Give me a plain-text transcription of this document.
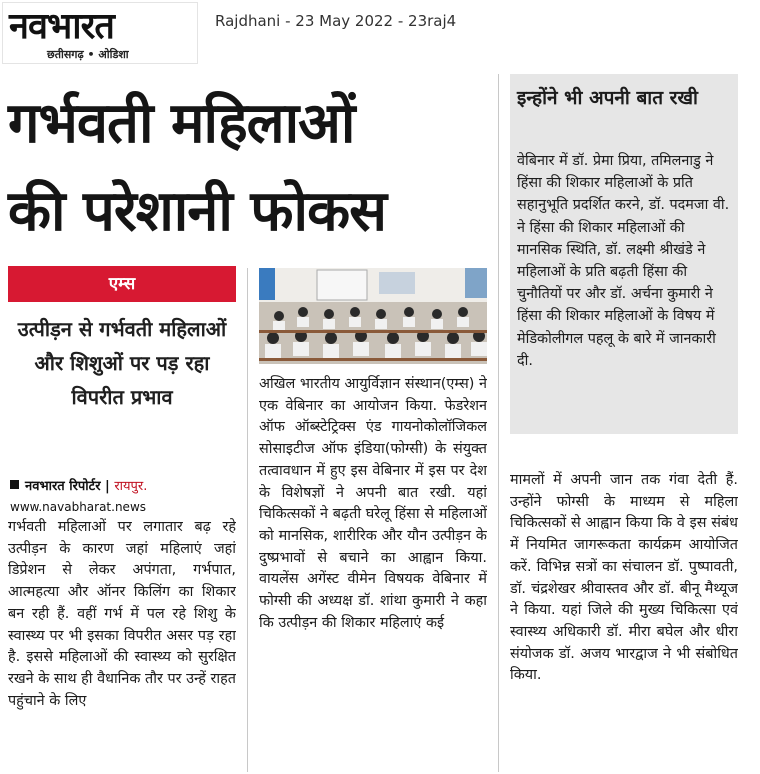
नवभारत
छतीसगढ़ • ओडिशा
Rajdhani - 23 May 2022 - 23raj4
गर्भवती महिलाओं
की परेशानी फोकस
एम्स
उत्पीड़न से गर्भवती महिलाओं और शिशुओं पर पड़ रहा विपरीत प्रभाव
नवभारत रिपोर्टर | रायपुर.
www.navabharat.news
गर्भवती महिलाओं पर लगातार बढ़ रहे उत्पीड़न के कारण जहां महिलाएं जहां डिप्रेशन से लेकर अपंगता, गर्भपात, आत्महत्या और ऑनर किलिंग का शिकार बन रही हैं. वहीं गर्भ में पल रहे शिशु के स्वास्थ्य पर भी इसका विपरीत असर पड़ रहा है. इससे महिलाओं की स्वास्थ्य को सुरक्षित रखने के साथ ही वैधानिक तौर पर उन्हें राहत पहुंचाने के लिए
अखिल भारतीय आयुर्विज्ञान संस्थान(एम्स) ने एक वेबिनार का आयोजन किया. फेडरेशन ऑफ ऑब्स्टेट्रिक्स एंड गायनोकोलॉजिकल सोसाइटीज ऑफ इंडिया(फोग्सी) के संयुक्त तत्वावधान में हुए इस वेबिनार में इस पर देश के विशेषज्ञों ने अपनी बात रखी. यहां चिकित्सकों ने बढ़ती घरेलू हिंसा से महिलाओं को मानसिक, शारीरिक और यौन उत्पीड़न के दुष्प्रभावों से बचाने का आह्वान किया. वायलेंस अगेंस्ट वीमेन विषयक वेबिनार में फोग्सी की अध्यक्ष डॉ. शांथा कुमारी ने कहा कि उत्पीड़न की शिकार महिलाएं कई
इन्होंने भी अपनी बात रखी
वेबिनार में डॉ. प्रेमा प्रिया, तमिलनाडु ने हिंसा की शिकार महिलाओं के प्रति सहानुभूति प्रदर्शित करने, डॉ. पदमजा वी. ने हिंसा की शिकार महिलाओं की मानसिक स्थिति, डॉ. लक्ष्मी श्रीखंडे ने महिलाओं के प्रति बढ़ती हिंसा की चुनौतियों पर और डॉ. अर्चना कुमारी ने हिंसा की शिकार महिलाओं के विषय में मेडिकोलीगल पहलू के बारे में जानकारी दी.
मामलों में अपनी जान तक गंवा देती हैं. उन्होंने फोग्सी के माध्यम से महिला चिकित्सकों से आह्वान किया कि वे इस संबंध में नियमित जागरूकता कार्यक्रम आयोजित करें. विभिन्न सत्रों का संचालन डॉ. पुष्पावती, डॉ. चंद्रशेखर श्रीवास्तव और डॉ. बीनू मैथ्यूज ने किया. यहां जिले की मुख्य चिकित्सा एवं स्वास्थ्य अधिकारी डॉ. मीरा बघेल और धीरा संयोजक डॉ. अजय भारद्वाज ने भी संबोधित किया.
